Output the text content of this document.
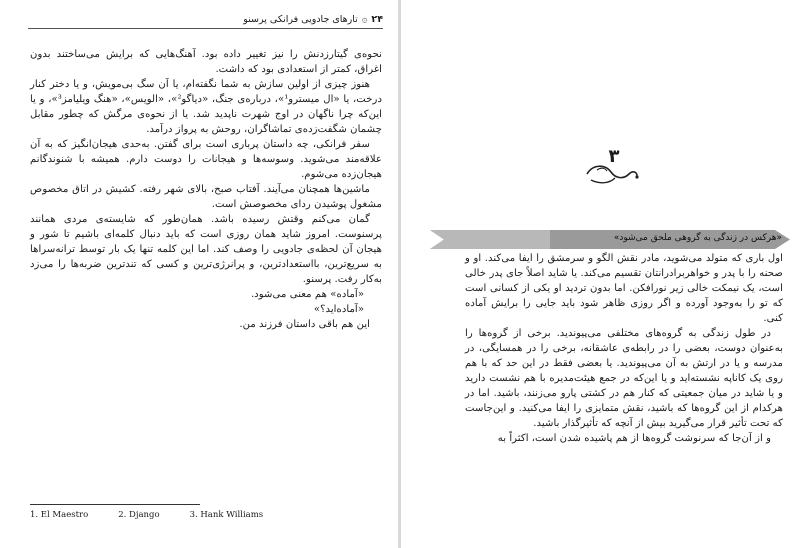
۲۴۞تارهای جادویی فرانکی پرسنو

نحوه‌ی گیتارزدنش را نیز تغییر داده بود. آهنگ‌هایی که برایش می‌ساختند بدون اغراق، کمتر از استعدادی بود که داشت.

هنوز چیزی از اولین سازش به شما نگفته‌ام، یا آن سگ بی‌مویش، و یا دختر کنار درخت، یا «ال میسترو¹»، درباره‌ی جنگ، «دیاگو²»، «الویس»، «هنگ ویلیامز³»، و یا این‌که چرا ناگهان در اوج شهرت ناپدید شد. یا از نحوه‌ی مرگش که چطور مقابل چشمان شگفت‌زده‌ی تماشاگران، روحش به پرواز درآمد.

سفر فرانکی، چه داستان پرباری است برای گفتن. به‌حدی هیجان‌انگیز که به آن علاقه‌مند می‌شوید. وسوسه‌ها و هیجانات را دوست دارم. همیشه با شنوندگانم هیجان‌زده می‌شوم.

ماشین‌ها همچنان می‌آیند. آفتاب صبح، بالای شهر رفته. کشیش در اتاق مخصوص مشغول پوشیدن ردای مخصوصش است.

گمان می‌کنم وقتش رسیده باشد. همان‌طور که شایسته‌ی مردی همانند پرسنوست. امروز شاید همان روزی است که باید دنبال کلمه‌ای باشیم تا شور و هیجان آن لحظه‌ی جادویی را وصف کند. اما این کلمه تنها یک بار توسط ترانه‌سراها به سریع‌ترین، بااستعدادترین، و پرانرژی‌ترین و کسی که تندترین ضربه‌ها را می‌زد به‌کار رفت. پرسنو.

«آماده» هم معنی می‌شود.

«آماده‌اید؟»

این هم باقی داستان فرزند من.

1. El Maestro	2. Django	3. Hank Williams
۳
«هرکس در زندگی به گروهی ملحق می‌شود»

اول باری که متولد می‌شوید، مادر نقش الگو و سرمشق را ایفا می‌کند. او و صحنه را با پدر و خواهربرادرانتان تقسیم می‌کند. یا شاید اصلاً جای پدر خالی است، یک نیمکت خالی زیر نورافکن. اما بدون تردید او یکی از کسانی است که تو را به‌وجود آورده و اگر روزی ظاهر شود باید جایی را برایش آماده کنی.

در طول زندگی به گروه‌های مختلفی می‌پیوندید. برخی از گروه‌ها را به‌عنوان دوست، بعضی را در رابطه‌ی عاشقانه، برخی را در همسایگی، در مدرسه و یا در ارتش به آن می‌پیوندید. یا بعضی فقط در این حد که با هم روی یک کاناپه نشسته‌اید و یا این‌که در جمع هیئت‌مدیره با هم نشست دارید و یا شاید در میان جمعیتی که کنار هم در کشتی پارو می‌زنند، باشید. اما در هرکدام از این گروه‌ها که باشید، نقش متمایزی را ایفا می‌کنید. و این‌جاست که تحت تأثیر قرار می‌گیرید بیش از آنچه که تأثیرگذار باشید.

و از آن‌جا که سرنوشت گروه‌ها از هم پاشیده شدن است، اکثراً به
